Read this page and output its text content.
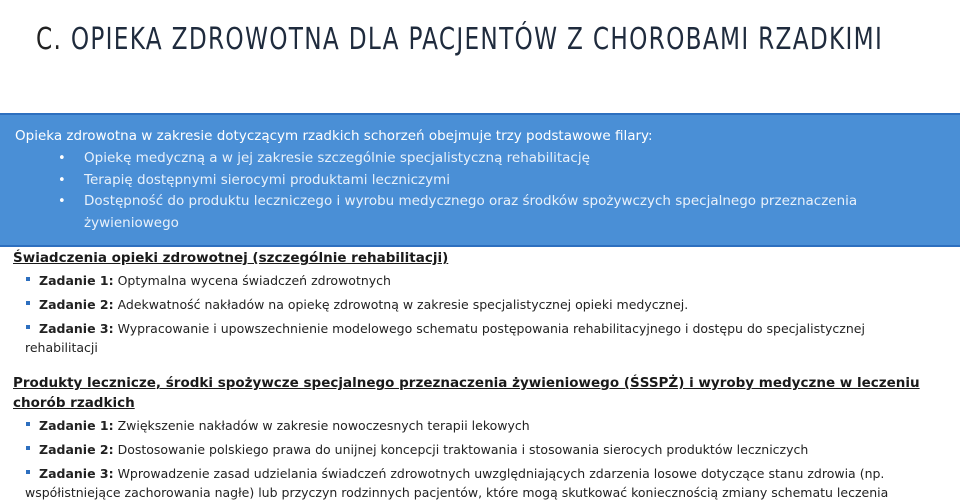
C. OPIEKA ZDROWOTNA DLA PACJENTÓW Z CHOROBAMI RZADKIMI
Opieka zdrowotna w zakresie dotyczącym rzadkich schorzeń obejmuje trzy podstawowe filary:
• Opiekę medyczną a w jej zakresie szczególnie specjalistyczną rehabilitację
• Terapię dostępnymi sierocymi produktami leczniczymi
• Dostępność do produktu leczniczego i wyrobu medycznego oraz środków spożywczych specjalnego przeznaczenia
żywieniowego
Świadczenia opieki zdrowotnej (szczególnie rehabilitacji)
Zadanie 1: Optymalna wycena świadczeń zdrowotnych
Zadanie 2: Adekwatność nakładów na opiekę zdrowotną w zakresie specjalistycznej opieki medycznej.
Zadanie 3: Wypracowanie i upowszechnienie modelowego schematu postępowania rehabilitacyjnego i dostępu do specjalistycznej
rehabilitacji
Produkty lecznicze, środki spożywcze specjalnego przeznaczenia żywieniowego (ŚSSPŻ) i wyroby medyczne w leczeniu
chorób rzadkich
Zadanie 1: Zwiększenie nakładów w zakresie nowoczesnych terapii lekowych
Zadanie 2: Dostosowanie polskiego prawa do unijnej koncepcji traktowania i stosowania sierocych produktów leczniczych
Zadanie 3: Wprowadzenie zasad udzielania świadczeń zdrowotnych uwzględniających zdarzenia losowe dotyczące stanu zdrowia (np.
współistniejące zachorowania nagłe) lub przyczyn rodzinnych pacjentów, które mogą skutkować koniecznością zmiany schematu leczenia
